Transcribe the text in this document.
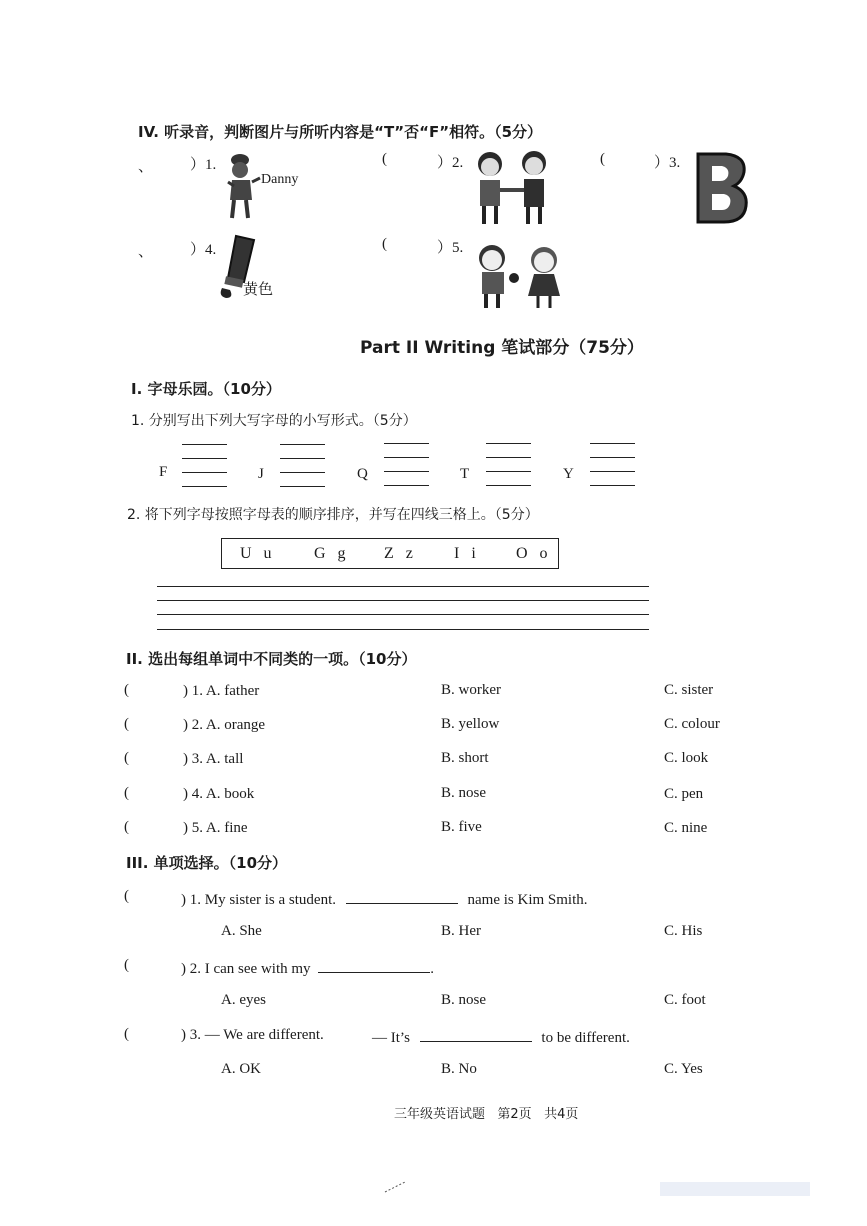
IV. 听录音，判断图片与所听内容是“T”否“F”相符。（5分）
、 ）1.
Danny
(	）2.	(	）3.
、 ）4.
黄色
(	）5.
Part II Writing 笔试部分（75分）
I. 字母乐园。（10分）
1. 分别写出下列大写字母的小写形式。（5分）
F	J	Q	T	Y
2. 将下列字母按照字母表的顺序排序，并写在四线三格上。（5分）
U u G g Z z I i O o
II. 选出每组单词中不同类的一项。（10分）
(	) 1. A. father	B. worker	C. sister
(	) 2. A. orange	B. yellow	C. colour
(	) 3. A. tall	B. short	C. look
(	) 4. A. book	B. nose	C. pen
(	) 5. A. fine	B. five	C. nine
III. 单项选择。（10分）
(	) 1. My sister is a student.	name is Kim Smith.
A. She	B. Her	C. His
(	) 2. I can see with my	.
A. eyes	B. nose	C. foot
(	) 3. — We are different.	— It’s	to be different.
A. OK	B. No	C. Yes
三年级英语试题   第2页   共4页
